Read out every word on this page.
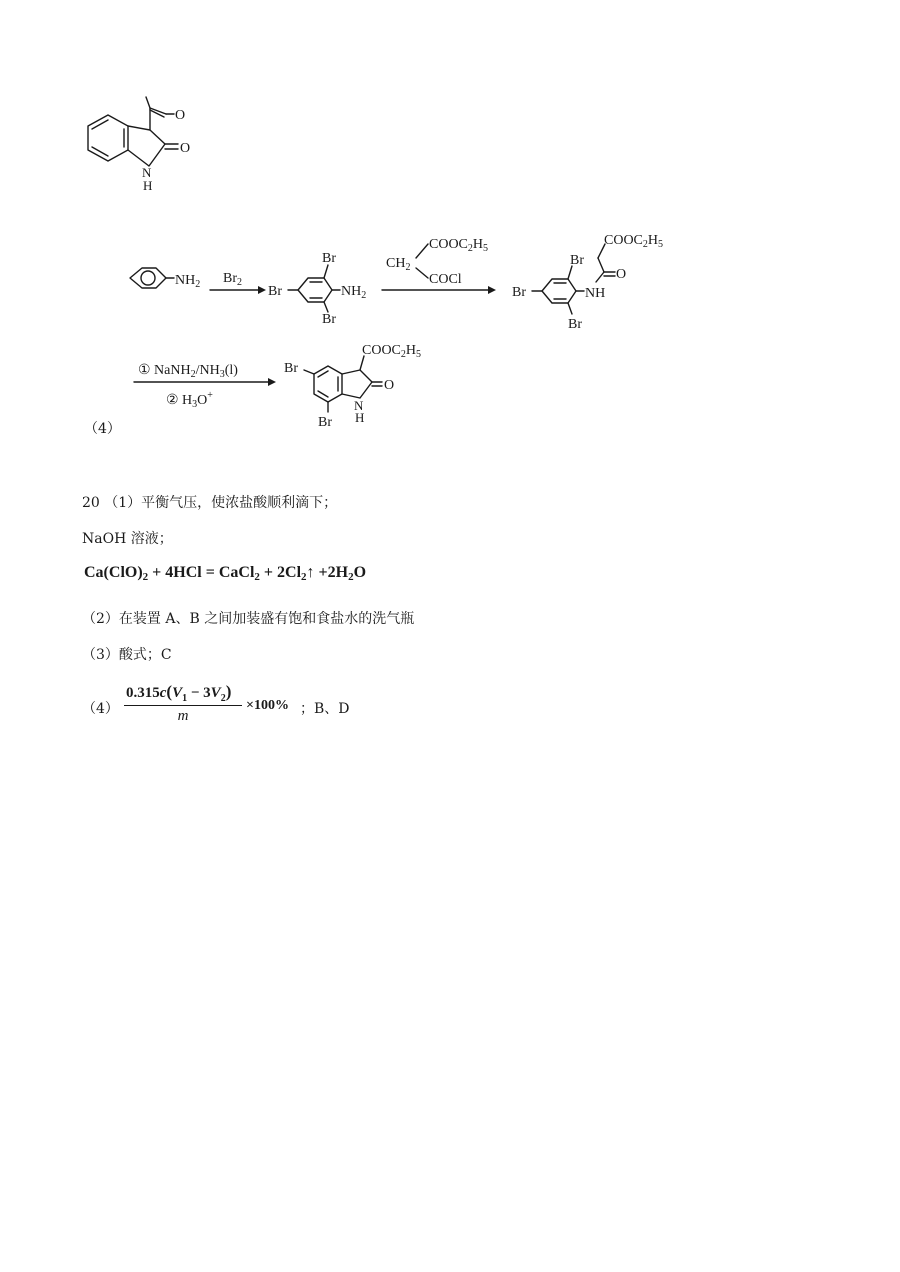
O
O
N
H
$NH_2$ $Br_2$
Br
Br
Br
$NH_2$
$CH_2$
$COOC_2H_5$
COCl
Br
Br
Br
NH
O
$COOC_2H_5$
① $NaNH_2/NH_3(l)$
② $H_3O^+$
Br
O
N
H
Br
$COOC_2H_5$
（4）
20 （1）平衡气压，使浓盐酸顺利滴下；
NaOH 溶液；
$Ca(ClO)_2 + 4HCl$ = CaCl$_2$ + $2Cl_2↑ +2H_2O$
（2）在装置 A、B 之间加装盛有饱和食盐水的洗气瓶
（3）酸式；C
（4）
$0.315c(V_1 - 3V_2)$
m
×100% ；B、D
